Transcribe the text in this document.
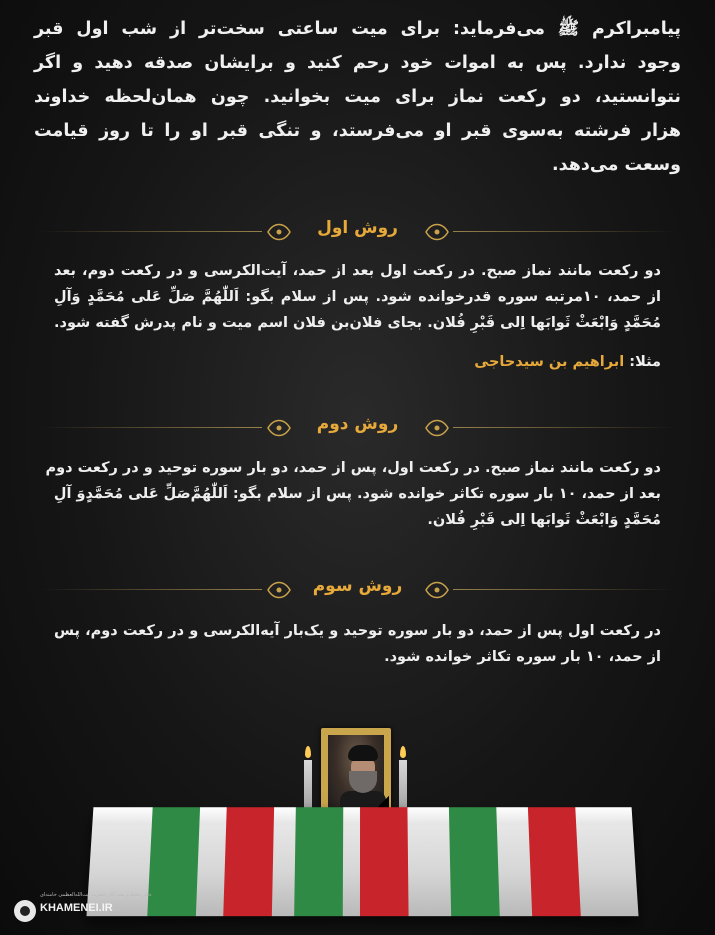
پیامبراکرم ﷺ می‌فرماید: برای میت ساعتی سخت‌تر از شب اول قبر
وجود ندارد. پس به اموات خود رحم کنید و برایشان صدقه دهید و اگر
نتوانستید، دو رکعت نماز برای میت بخوانید. چون همان‌لحظه خداوند
هزار فرشته به‌سوی قبر او می‌فرستد، و تنگی قبر او را تا روز قیامت
وسعت می‌دهد.
روش اول
دو رکعت مانند نماز صبح. در رکعت اول بعد از حمد، آیت‌الکرسی و در رکعت دوم، بعد
از حمد، ۱۰مرتبه سوره قدرخوانده شود. پس از سلام بگو: اَللّٰهُمَّ صَلِّ عَلی مُحَمَّدٍ وَآلِ
مُحَمَّدٍ وَابْعَثْ ثَوابَها اِلی قَبْرِ فُلان. بجای فلان‌بن فلان اسم میت و نام پدرش گفته شود.
مثلا: ابراهیم بن سیدحاجی
روش دوم
دو رکعت مانند نماز صبح. در رکعت اول، پس از حمد، دو بار سوره توحید و در رکعت دوم
بعد از حمد، ۱۰ بار سوره تکاثر خوانده شود. پس از سلام بگو: اَللّٰهُمَّ‌صَلِّ عَلی مُحَمَّدٍوَ آلِ
مُحَمَّدٍ وَابْعَثْ ثَوابَها اِلی قَبْرِ فُلان.
روش سوم
در رکعت اول پس از حمد، دو بار سوره توحید و یک‌بار آیه‌الکرسی و در رکعت دوم، پس
از حمد، ۱۰ بار سوره تکاثر خوانده شود.
دفتر حفظ و نشر آثار حضرت آیت‌الله‌العظمی خامنه‌ای
KHAMENEI.IR
